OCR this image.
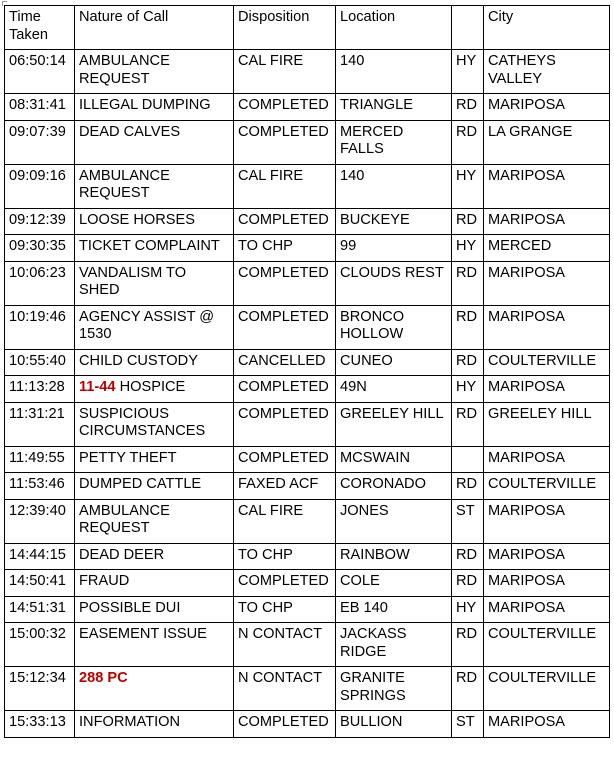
Time Taken	Nature of Call	Disposition	Location		City
06:50:14	AMBULANCE REQUEST	CAL FIRE	140	HY	CATHEYS VALLEY
08:31:41	ILLEGAL DUMPING	COMPLETED	TRIANGLE	RD	MARIPOSA
09:07:39	DEAD CALVES	COMPLETED	MERCED FALLS	RD	LA GRANGE
09:09:16	AMBULANCE REQUEST	CAL FIRE	140	HY	MARIPOSA
09:12:39	LOOSE HORSES	COMPLETED	BUCKEYE	RD	MARIPOSA
09:30:35	TICKET COMPLAINT	TO CHP	99	HY	MERCED
10:06:23	VANDALISM TO SHED	COMPLETED	CLOUDS REST	RD	MARIPOSA
10:19:46	AGENCY ASSIST @ 1530	COMPLETED	BRONCO HOLLOW	RD	MARIPOSA
10:55:40	CHILD CUSTODY	CANCELLED	CUNEO	RD	COULTERVILLE
11:13:28	11-44 HOSPICE	COMPLETED	49N	HY	MARIPOSA
11:31:21	SUSPICIOUS CIRCUMSTANCES	COMPLETED	GREELEY HILL	RD	GREELEY HILL
11:49:55	PETTY THEFT	COMPLETED	MCSWAIN		MARIPOSA
11:53:46	DUMPED CATTLE	FAXED ACF	CORONADO	RD	COULTERVILLE
12:39:40	AMBULANCE REQUEST	CAL FIRE	JONES	ST	MARIPOSA
14:44:15	DEAD DEER	TO CHP	RAINBOW	RD	MARIPOSA
14:50:41	FRAUD	COMPLETED	COLE	RD	MARIPOSA
14:51:31	POSSIBLE DUI	TO CHP	EB 140	HY	MARIPOSA
15:00:32	EASEMENT ISSUE	N CONTACT	JACKASS RIDGE	RD	COULTERVILLE
15:12:34	288 PC	N CONTACT	GRANITE SPRINGS	RD	COULTERVILLE
15:33:13	INFORMATION	COMPLETED	BULLION	ST	MARIPOSA
